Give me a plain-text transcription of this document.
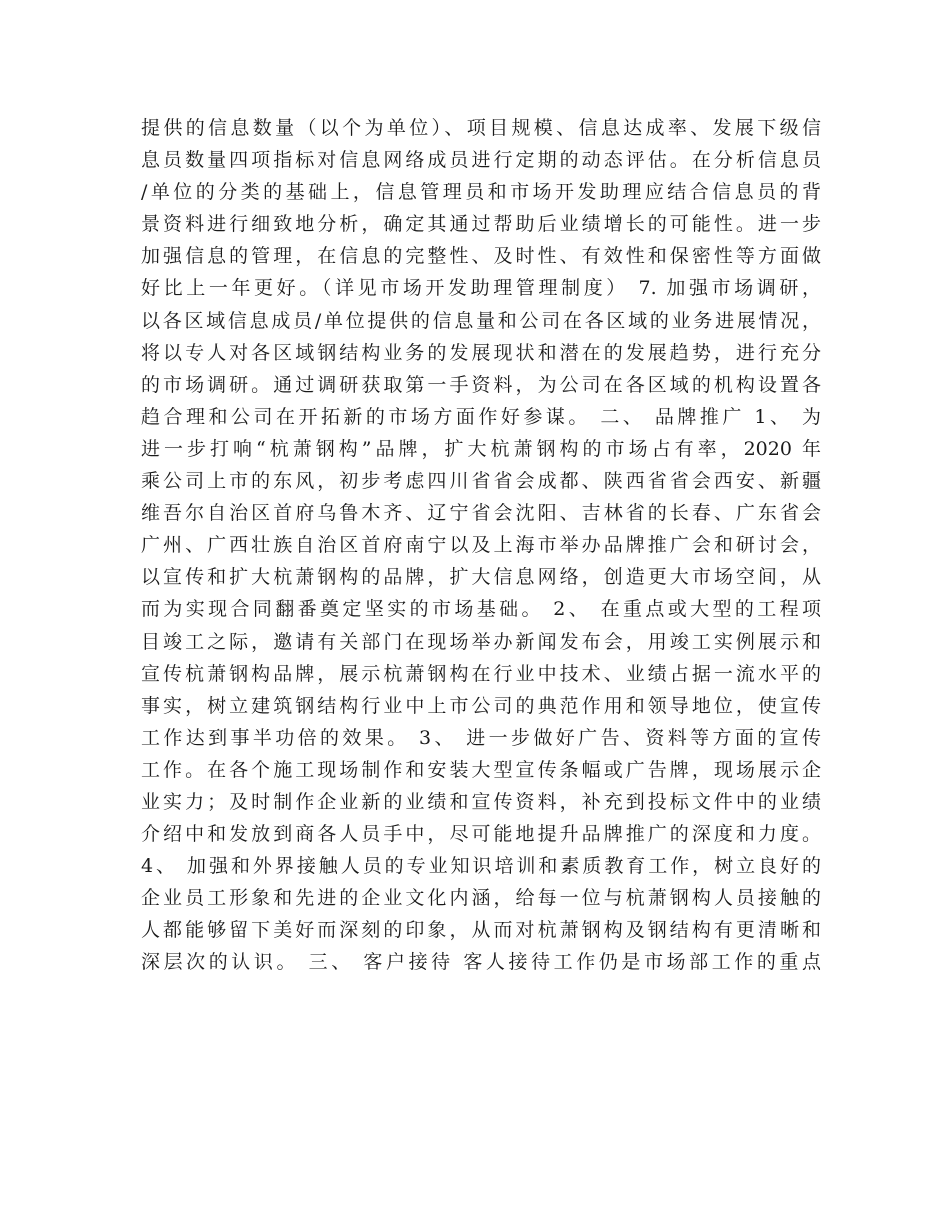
提供的信息数量（以个为单位）、项目规模、信息达成率、发展下级信
息员数量四项指标对信息网络成员进行定期的动态评估。在分析信息员
/单位的分类的基础上，信息管理员和市场开发助理应结合信息员的背
景资料进行细致地分析，确定其通过帮助后业绩增长的可能性。进一步
加强信息的管理，在信息的完整性、及时性、有效性和保密性等方面做
好比上一年更好。（详见市场开发助理管理制度） 7. 加强市场调研，
以各区域信息成员/单位提供的信息量和公司在各区域的业务进展情况，
将以专人对各区域钢结构业务的发展现状和潜在的发展趋势，进行充分
的市场调研。通过调研获取第一手资料，为公司在各区域的机构设置各
趋合理和公司在开拓新的市场方面作好参谋。 二、 品牌推广 1、 为
进一步打响“杭萧钢构”品牌，扩大杭萧钢构的市场占有率，2020 年
乘公司上市的东风，初步考虑四川省省会成都、陕西省省会西安、新疆
维吾尔自治区首府乌鲁木齐、辽宁省会沈阳、吉林省的长春、广东省会
广州、广西壮族自治区首府南宁以及上海市举办品牌推广会和研讨会，
以宣传和扩大杭萧钢构的品牌，扩大信息网络，创造更大市场空间，从
而为实现合同翻番奠定坚实的市场基础。 2、 在重点或大型的工程项
目竣工之际，邀请有关部门在现场举办新闻发布会，用竣工实例展示和
宣传杭萧钢构品牌，展示杭萧钢构在行业中技术、业绩占据一流水平的
事实，树立建筑钢结构行业中上市公司的典范作用和领导地位，使宣传
工作达到事半功倍的效果。 3、 进一步做好广告、资料等方面的宣传
工作。在各个施工现场制作和安装大型宣传条幅或广告牌，现场展示企
业实力；及时制作企业新的业绩和宣传资料，补充到投标文件中的业绩
介绍中和发放到商各人员手中，尽可能地提升品牌推广的深度和力度。
4、 加强和外界接触人员的专业知识培训和素质教育工作，树立良好的
企业员工形象和先进的企业文化内涵，给每一位与杭萧钢构人员接触的
人都能够留下美好而深刻的印象，从而对杭萧钢构及钢结构有更清晰和
深层次的认识。 三、 客户接待 客人接待工作仍是市场部工作的重点
